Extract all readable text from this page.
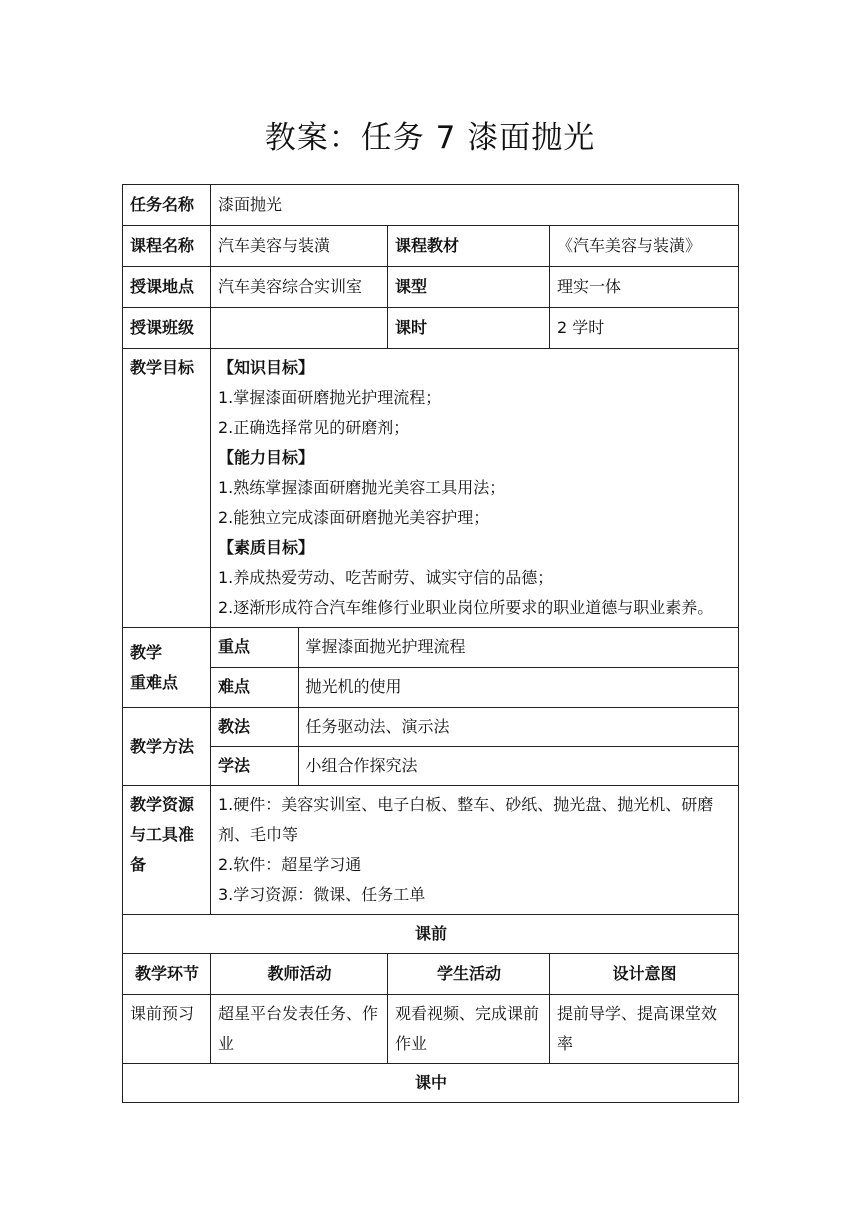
教案：任务 7 漆面抛光
任务名称	漆面抛光
课程名称	汽车美容与装潢	课程教材	《汽车美容与装潢》
授课地点	汽车美容综合实训室	课型	理实一体
授课班级		课时	2 学时
教学目标	【知识目标】
1.掌握漆面研磨抛光护理流程；
2.正确选择常见的研磨剂；
【能力目标】
1.熟练掌握漆面研磨抛光美容工具用法；
2.能独立完成漆面研磨抛光美容护理；
【素质目标】
1.养成热爱劳动、吃苦耐劳、诚实守信的品德；
2.逐渐形成符合汽车维修行业职业岗位所要求的职业道德与职业素养。

教学
重难点

重点	掌握漆面抛光护理流程
难点	抛光机的使用

教学方法	
教法	任务驱动法、演示法
学法	小组合作探究法

教学资源与工具准备	
1.硬件：美容实训室、电子白板、整车、砂纸、抛光盘、抛光机、研磨剂、毛巾等
2.软件：超星学习通
3.学习资源：微课、任务工单

课前
教学环节	教师活动	学生活动	设计意图
课前预习	超星平台发表任务、作业	观看视频、完成课前作业	提前导学、提高课堂效率
课中
